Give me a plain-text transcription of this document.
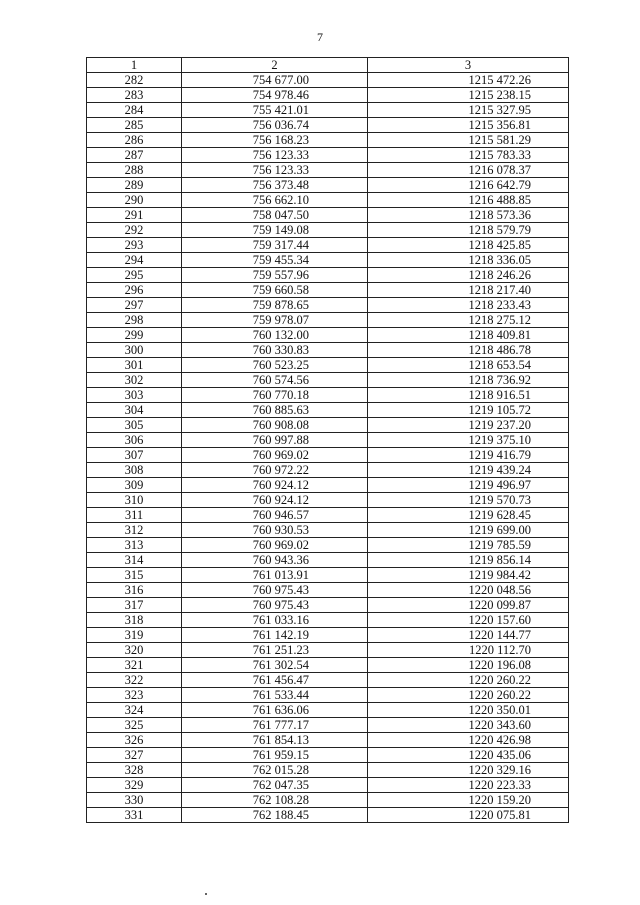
7
1	2	3
282	754 677.00	1215 472.26
283	754 978.46	1215 238.15
284	755 421.01	1215 327.95
285	756 036.74	1215 356.81
286	756 168.23	1215 581.29
287	756 123.33	1215 783.33
288	756 123.33	1216 078.37
289	756 373.48	1216 642.79
290	756 662.10	1216 488.85
291	758 047.50	1218 573.36
292	759 149.08	1218 579.79
293	759 317.44	1218 425.85
294	759 455.34	1218 336.05
295	759 557.96	1218 246.26
296	759 660.58	1218 217.40
297	759 878.65	1218 233.43
298	759 978.07	1218 275.12
299	760 132.00	1218 409.81
300	760 330.83	1218 486.78
301	760 523.25	1218 653.54
302	760 574.56	1218 736.92
303	760 770.18	1218 916.51
304	760 885.63	1219 105.72
305	760 908.08	1219 237.20
306	760 997.88	1219 375.10
307	760 969.02	1219 416.79
308	760 972.22	1219 439.24
309	760 924.12	1219 496.97
310	760 924.12	1219 570.73
311	760 946.57	1219 628.45
312	760 930.53	1219 699.00
313	760 969.02	1219 785.59
314	760 943.36	1219 856.14
315	761 013.91	1219 984.42
316	760 975.43	1220 048.56
317	760 975.43	1220 099.87
318	761 033.16	1220 157.60
319	761 142.19	1220 144.77
320	761 251.23	1220 112.70
321	761 302.54	1220 196.08
322	761 456.47	1220 260.22
323	761 533.44	1220 260.22
324	761 636.06	1220 350.01
325	761 777.17	1220 343.60
326	761 854.13	1220 426.98
327	761 959.15	1220 435.06
328	762 015.28	1220 329.16
329	762 047.35	1220 223.33
330	762 108.28	1220 159.20
331	762 188.45	1220 075.81
